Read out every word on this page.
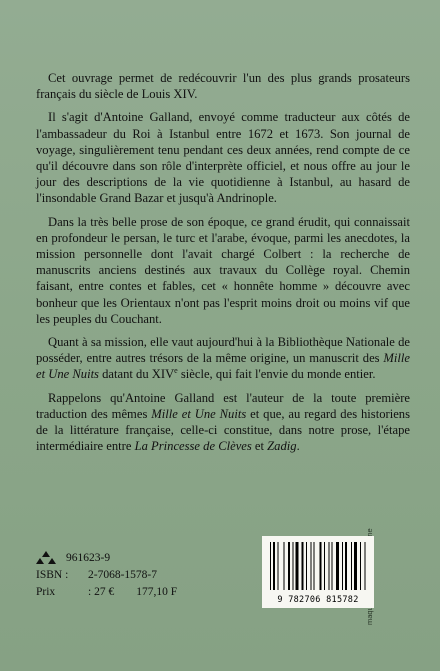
Cet ouvrage permet de redécouvrir l'un des plus grands prosateurs français du siècle de Louis XIV.

Il s'agit d'Antoine Galland, envoyé comme traducteur aux côtés de l'ambassadeur du Roi à Istanbul entre 1672 et 1673. Son journal de voyage, singulièrement tenu pendant ces deux années, rend compte de ce qu'il découvre dans son rôle d'interprète officiel, et nous offre au jour le jour des descriptions de la vie quotidienne à Istanbul, au hasard de l'insondable Grand Bazar et jusqu'à Andrinople.

Dans la très belle prose de son époque, ce grand érudit, qui connaissait en profondeur le persan, le turc et l'arabe, évoque, parmi les anecdotes, la mission personnelle dont l'avait chargé Colbert : la recherche de manuscrits anciens destinés aux travaux du Collège royal. Chemin faisant, entre contes et fables, cet « honnête homme » découvre avec bonheur que les Orientaux n'ont pas l'esprit moins droit ou moins vif que les peuples du Couchant.

Quant à sa mission, elle vaut aujourd'hui à la Bibliothèque Nationale de posséder, entre autres trésors de la même origine, un manuscrit des Mille et Une Nuits datant du XIVe siècle, qui fait l'envie du monde entier.

Rappelons qu'Antoine Galland est l'auteur de la toute première traduction des mêmes Mille et Une Nuits et que, au regard des historiens de la littérature française, celle-ci constitue, dans notre prose, l'étape intermédiaire entre La Princesse de Clèves et Zadig.

961623-9
ISBN :	2-7068-1578-7
Prix	: 27 € 177,10 F
9 782706 815782
